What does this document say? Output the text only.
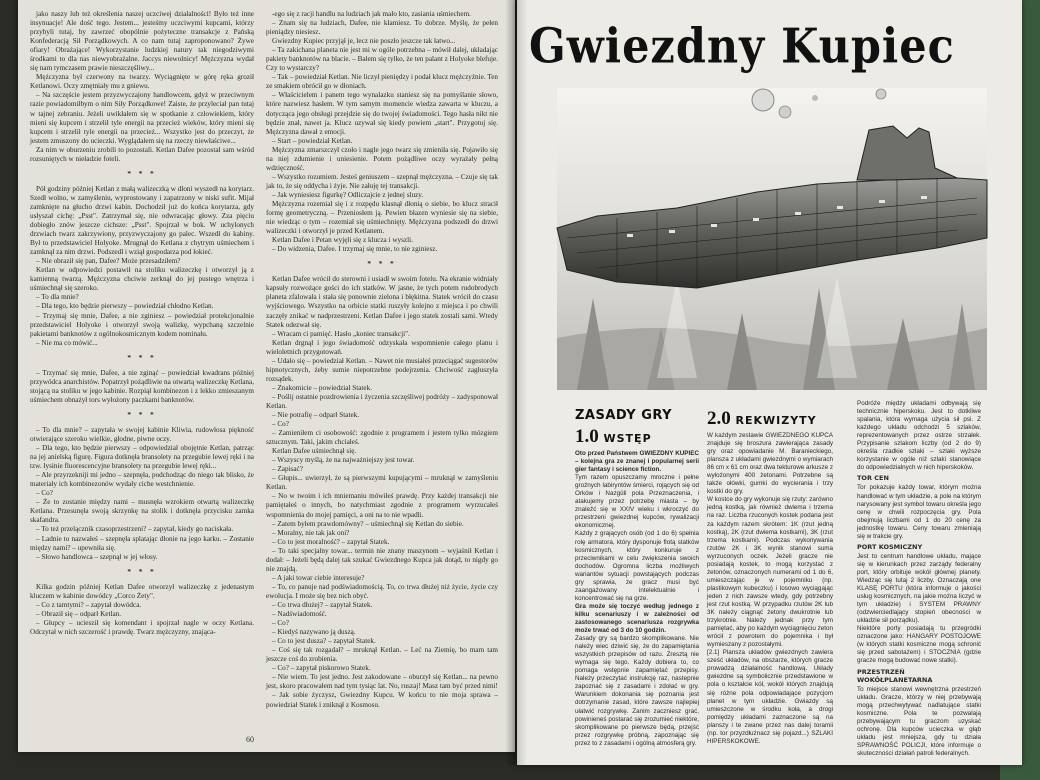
jako naszy lub też określenia naszej uczciwej działalności! Było też inne insynuacje! Ale dość tego. Jestem... jesteśmy uczciwymi kupcami, którzy przybyli tutaj, by zawrzeć obopólnie pożyteczne transakcje z Pańską Konfederacją Sił Porządkowych. A co nam tutaj zaproponowano? Żywe ofiary! Obrażające! Wykorzystanie ludzkiej natury tak niegodziwymi środkami to dla nas niewyobrażalne. Jaccys niewolnicy! Mężczyzna wydał się nam tymczasem prawie nieszczęśliwy...

Mężczyzna był czerwony na twarzy. Wyciągnięte w górę ręka groził Ketlanowi. Oczy zmętniały mu z gniewu.

– Na szczęście jestem przyzwyczajony handlowcem, gdyż w przeciwnym razie powiadomiłbym o nim Siły Porządkowe! Zaiste, że przyleciał pan tutaj w tajnej zebraniu. Jeżeli uwikłałem się w spotkanie z człowiekiem, który mieni się kupcem i strzelił tyle energii na przecież wieków, który mieni się kupcem i strzelił tyle energii na przecież... Wszystko jest do przeczyt, że jestem zmuszony do ucieczki. Wyglądałem się na rzeczy niewłaściwe...

Za nim w oburzeniu zrobili to pozostali. Ketlan Dafee pozostał sam wśród rozsuniętych w nieładzie foteli.

* * *

Pół godziny później Ketlan z małą walizeczką w dłoni wyszedł na korytarz. Szedł wolno, w zamyśleniu, wyprostowany i zapatrzony w niski sufit. Mijał zamknięte na głucho drzwi kabin. Dochodził już do końca korytarza, gdy usłyszał cichę: „Psst". Zatrzymał się, nie odwracając głowy. Zza pięciu dobiegło znów jeszcze cichsze: „Psst". Spojrzał w bok. W uchylonych drzwiach twarz zakrzywiony, przyzwyczajony go palec. Wszedł do kabiny. Był to przedstawiciel Holyoke. Mrugnął do Ketlana z chytrym uśmiechem i zamknął za nim drzwi. Podszedł i wziął gospodarza pod łokieć.

– Nie obraził się pan, Dafee? Może przesadziłem?

Ketlan w odpowiedzi postawił na stoliku walizeczkę i otworzył ją z kamienną twarzą. Mężczyzna chciwie zerknął do jej pustego wnętrza i uśmiechnął się szeroko.

– To dla mnie?

– Dla tego, kto będzie pierwszy – powiedział chłodno Ketlan.

– Trzymaj się mnie, Dafee, a nie zginiesz – powiedział protekcjonalnie przedstawiciel Holyoke i otworzył swoją walizkę, wypchaną szczelnie pakietami banknotów z ogólnokosmicznym kodem nominału.

– Nie ma co mówić...

* * *

– Trzymać się mnie, Dafee, a nie zginąć – powiedział kwadrans później przywódca anarchistów. Popatrzył pożądliwie na otwartą walizeczkę Ketlana, stojącą na stoliku w jego kabinie. Rozpiął kombinezon i z lekko zmieszanym uśmiechem obnażył tors wyłożony paczkami banknotów.

* * *

– To dla mnie? – zapytała w swojej kabinie Kliwia, rudowłosa piękność otwierające szeroko wielkie, głodne, piwne oczy.

– Dla tego, kto będzie pierwszy – odpowiedział obojętnie Ketlan, patrząc na jej anielską figurę. Figura dotknęła bransolety na przegubie lewej ręki i na tzw. łysinie fluorescencyjne bransolety na przegubie lewej ręki...

– Ale przyrzekniji mi jedno – szepnęła, podchodząc do niego tak blisko, że materiały ich kombinezonów wydały ciche westchnienie.

– Co?

– Że to zostanie między nami – musnęła wzrokiem otwartą walizeczkę Ketlana. Przesunęła swoją skrzynkę na stolik i dotknęła przycisku zamka skafandra.

– To też przelącznik czasoprzestrzeni? – zapytał, kiedy go naciskała.

– Ladnie to nazwałeś – szepnęła splatając dłonie na jego karku. – Zostanie między nami? – upewniła się.

– Słowo handlowca – szepnął w jej włosy.

* * *

Kilka godzin później Ketlan Dafee otworzył walizeczkę z jedenastym kluczem w kabinie dowódcy „Corco Żety".

– Co z tamtymi? – zapytał dowódca.

– Obraził się – odparł Ketlan.

– Głupcy – uciesził się komendant i spojrzał nagle w oczy Ketlana. Odczytał w nich szczerość i prawdę. Twarz mężczyzny, znająca-

-ego się z racji handlu na ludziach jak mało kto, zasiania uśmiechem.

– Znam się na ludziach, Dafee, nie kłamiesz. To dobrze. Myślę, że pełen pieniądzy niesiesz.

Gwiezdny Kupiec przyjął je, lecz nie poszło jeszcze tak łatwo...

– Ta zakichana planeta nie jest mi w ogóle potrzebna – mówił dalej, układając pakiety banknotów na blacie. – Bałem się tylko, że ten palant z Holyoke blefuje. Czy to wystarczy?

– Tak – powiedział Ketlan. Nie liczył pieniędzy i podał klucz mężczyźnie. Ten ze smakiem obrócił go w dłoniach.

– Właścicielem i panem tego wynalazku staniesz się na pomyślanie słowo, które nazwiesz hasłem. W tym samym momencie wiedza zawarta w kluczu, a dotycząca jego obsługi przejdzie się do twojej świadomości. Tego hasła nikt nie będzie znał, nawet ja. Klucz uzywał się kiedy powiem „start". Przygotuj się. Mężczyzna dawał z emocji.

– Start – powiedział Ketlan.

Mężczyzna zmarszczył czoło i nagle jego twarz się zmieniła się. Pojawiło się na niej zdumienie i uniesienie. Potem pożądliwe oczy wyrażały pełną wdzięczność.

– Wszystko rozumiem. Jesteś geniuszem – szepnął mężczyzna. – Czuje się tak jak to, że się oddycha i żyje. Nie załuję tej transakcji.

– Jak wyniesiesz figurkę? Odliczajcie z jednej sluzy.

Mężczyzna rozemiał się i z rozpędu klasnął dłonią o siebie, bo klucz stracił formę geometryczną. – Przeniosłem ją. Pewien błazen wyniesie się na siebie, nie wiedząc o tym – rozemiał się uśmiechnięty. Mężczyzna podszedł do drzwi walizeczki i otworzył je przed Ketlanem.

Ketlan Dafee i Petan wyjęli się z klucza i wyszli.

– Do widzenia, Dafee. I trzymaj się mnie, to nie zginiesz.

* * *

Ketlan Dafee wrócił do sterowni i usiadł w swoim fotelu. Na ekranie widniały kapsuły rozwożące gości do ich statków. W jasne, że tych potem rudobrodych planeta zfalowała i stała się ponownie zielona i błękitna. Statek wrócił do czasu wyjściowego. Wszystko na orbicie statki ruszyły kolejno z miejsca i po chwili zaczęły znikać w nadprzestrzeni. Ketlan Dafee i jego statek zostali sami. Wtedy Statek odezwał się.

– Wracam ci pamięć. Hasło „koniec transakcji".

Ketlan drgnął i jego świadomość odzyskała wspomnienie całego planu i wieloletnich przygotowań.

– Udało się – powiedział Ketlan. – Nawet nie musiałeś przeciągać sugestorów hipnotycznych, żeby sumie niepotrzebne podejrzenia. Chciwość zagłuszyła rozsądek.

– Znakomicie – powiedział Statek.

– Poślij ostatnie pozdrowienia i życzenia szczęśliwej podróży – zadysponował Ketlan.

– Nie potrafię – odparł Statek.

– Co?

– Zamieniłem ci osobowość: zgodnie z programem i jestem tylko mózgiem sztucznym. Taki, jakim chciałeś.

Ketlan Dafee uśmiechnął się.

– Wszyscy myślą, że na najważniejszy jest towar.

– Zapisać?

– Głupis... uwierzył, że są pierwszymi kupującymi – mruknął w zamyśleniu Ketlan.

– No w twoim i ich mniemaniu mówiłeś prawdę. Przy każdej transakcji nie pamiętałeś o innych, bo natychmiast zgodnie z programem wyrzucałeś wspomnienia do mojej pamięci, a oni na to nie wpadli.

– Zatem byłem prawdomówny? – uśmiechnął się Ketlan do siebie.

– Moralny, nie tak jak oni?

– Co to jest moralność? – zapytał Statek.

– To taki specjalny towar... termin nie znany maszynom – wyjaśnił Ketlan i dodał: – Jeżeli będą dalej tak szukać Gwiezdnego Kupca jak dotąd, to nigdy go nie znajdą.

– A jaki towar ciebie interesuje?

– To, co panuje nad podświadomością. To, co trwa dłużej niż życie, życie czy ewolucja. I może się bez nich obyć.

– Co trwa dłużej? – zapytał Statek.

– Nadświadomość.

– Co?

– Kiedyś nazywano ją duszą.

– Co to jest dusza? – zapytał Statek.

– Coś się tak rozgadał? – mruknął Ketlan. – Leć na Ziemię, bo mam tam jeszcze coś do zrobienia.

– Co? – zapytał piskorowo Statek.

– Nie wiem. To jest jedno. Jest zakodowane – oburzył się Ketlan... na pewno jest, skoro pracowałem nad tym tysiąc lat. No, ruszaj! Masz tam być przed nimi!

– Jak sobie życzysz, Gwiezdny Kupcu. W końcu to nie moja sprawa – powiedział Statek i zniknął z Kosmosu.

60
Gwiezdny Kupiec
ZASADY GRY
1.0 WSTĘP
2.0 REKWIZYTY

Oto przed Państwem GWIEZDNY KUPIEC – kolejna gra ze znanej i popularnej serii gier fantasy i science fiction.

Tym razem opuszczamy mroczne i pełne groźnych labiryntów śmierci, rojących się od Orków i Nazgûli pola Przeznaczenia, i atakujemy przez potrzebę miasta – by znaleźć się w XXIV wieku i wkroczyć do przestrzeni gwiezdnej kupców, rywalizacji ekonomicznej.

Każdy z grających osób (od 1 do 6) spełnia rolę armatora, który dysponuje flotą statków kosmicznych, który konkuruje z przeciwnikami w celu zwiększenia swoich dochodów. Ogromna liczba możliwych wariantów sytuacji powstających podczas gry sprawia, że gracz musi być zaangażowany intelektualnie i koncentrować się na grze.

Gra może się toczyć według jednego z kilku scenariuszy i w zależności od zastosowanego scenariusza rozgrywka może trwać od 3 do 10 godzin.

Zasady gry są bardzo skomplikowane. Nie należy wiec dziwić się, że do zapamiętania wszystkich przepisów od razu. Zresztą nie wymaga się tego. Każdy dobiera to, co pomaga wstępnie zapamiętać przepisy. Należy przeczytać instrukcję raz, nastepnie zapoznać się z zasadami i zdołać w gry. Warunkiem dokonania się poznania jest dotrzymanie zasad, które zawsze najlepiej ułatwić rozgrywkę. Zanim zaczniesz grać, powinieneś postarać się zrozumieć niektóre, skomplikowane po pierwsze będą, przejść przez rozgrywkę próbną, zapoznając się przez to z zasadami i ogólną atmosferą gry.

W każdym zestawie GWIEZDNEGO KUPCA znajduje się broszura zawierająca zasady gry oraz opowiadanie M. Baranieckiego, plansza z układami gwiezdnymi o wymiarach 86 cm x 61 cm oraz dwa tekturowe arkusze z wyłożonymi 400 żetonami. Potrzebne są także ołówki, gumki do wycierania i trzy kostki do gry.

W kostce do gry wykonuje się rzuty: zarówno jedną kostką, jak również dwiema i trzema na raz. Liczba rzuconych kostek podana jest za każdym razem skrótem: 1K (rzut jedną kostką), 2K (rzut dwiema kostkami), 3K (rzut trzema kostkami). Podczas wykonywania rzutów 2K i 3K wynik stanowi suma wyrzuconych oczek. Jeżeli gracze nie posiadają kostek, to mogą korzystać z żetonów, oznaczonych numerami od 1 do 6, umieszczając je w pojemniku (np. plastikowym kubeczku) i losowo wyciągając jeden z nich zawsze wtedy, gdy potrzebny jest rzut kostką. W przypadku rzutów 2K lub 3K należy ciągnąć żetony dwukrotnie lub trzykrotnie. Należy jednak przy tym pamiętać, aby po każdym wyciągnięciu żeton wrócił z powrotem do pojemnika i był wymieszany z pozostałymi.

[2.1] Plansza układów gwiezdnych zawiera sześć układów, na obszarze, których gracze prowadzą działalność handlową. Układy gwiezdne są symbolicznie przedstawione w pola o kształcie kół, wokół których znajdują się różne pola odpowiadające pozycjom planet w tym układzie. Gwiazdy są umieszczone w środku koła, a drogi pomiędzy układami zaznaczone są na planszy i te zwane przez nas dalej toramii (np. tor przyzdłużnacz się pojazd...) SZLAKI HIPERSKOKOWE.

Podróże między układami odbywają się technicznie hiperskoku. Jest to dotkliwe spalania, która wymaga użycia sił psi. Z każdego układu odchodzi 5 szlaków, reprezentowanych przez ostrze strzałek. Przypisanie szlakom liczby (od 2 do 9) określa rzadkie szlaki – szlaki wyższe korzystanie w ogóle niż szlaki stanowiące do odpowiedzialnych w nich hiperskoków.

TOR CEN

Tor pokazuje każdy towar, którym można handlować w tym układzie, a pole na którym narysowany jest symbol towaru określa jego cenę w chwili rozpoczęcia gry. Pola obejmują liczbami od 1 do 20 cenę za jednostkę towaru. Ceny towaru zmieniają się w trakcie gry.

PORT KOSMICZNY

Jest to centrum handlowe układu, mające się w kierunkach przez zarządy federalny port, który orbituje wokół głównej planety. Wiedząc się tutaj 2 liczby. Oznaczają one KLASĘ PORTU (która informuje o jakości usług kosmicznych, na jakie można liczyć w tym układzie) i SYSTEM PRAWNY (odzwierciedlający stopień obecności w układzie sił porządku).

Niektóre porty posiadają tu przegródki oznaczone jako: HANGARY POSTOJOWE (w których statki kosmiczne mogą schronić się przed sabotażem) i STOCZNIA (gdzie gracze mogą budować nowe statki).

PRZESTRZEŃ WOKÓŁPLANETARNA

To miejsce stanowi wewnętrzna przestrzeń układu. Gracze, którzy w niej przebywają mogą przechwytywać nadlatujące statki kosmiczne. Pola te pozwalają przebywającym tu graczom uzyskać ochronę. Dla kupców ucieczka w głąb układu jest mniejsza, gdy tu działa SPRAWNOŚĆ POLICJI, które informuje o skuteczności działań patroli federalnych.
